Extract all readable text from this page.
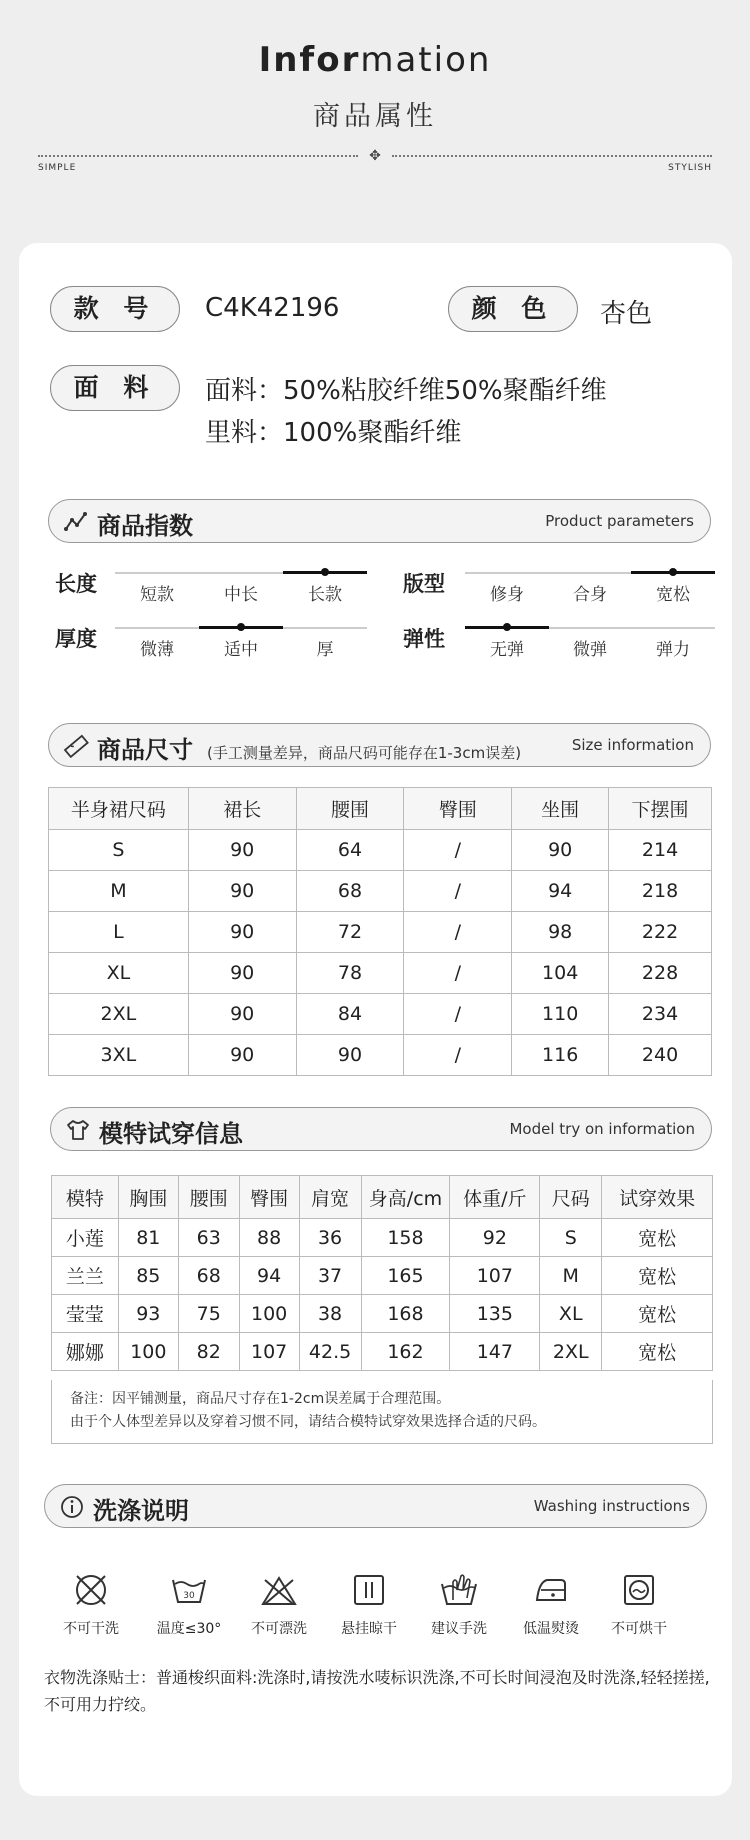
Information
商品属性
✥
SIMPLE	STYLISH
款 号	C4K42196	颜 色	杏色
面 料	面料：50%粘胶纤维50%聚酯纤维
里料：100%聚酯纤维
商品指数	Product parameters
长度	短款	中长	长款	版型	修身	合身	宽松
厚度	微薄	适中	厚	弹性	无弹	微弹	弹力
商品尺寸 (手工测量差异，商品尺码可能存在1-3cm误差)	Size information
半身裙尺码	裙长	腰围	臀围	坐围	下摆围
S	90	64	/	90	214
M	90	68	/	94	218
L	90	72	/	98	222
XL	90	78	/	104	228
2XL	90	84	/	110	234
3XL	90	90	/	116	240
模特试穿信息	Model try on information
模特	胸围	腰围	臀围	肩宽	身高/cm	体重/斤	尺码	试穿效果
小莲	81	63	88	36	158	92	S	宽松
兰兰	85	68	94	37	165	107	M	宽松
莹莹	93	75	100	38	168	135	XL	宽松
娜娜	100	82	107	42.5	162	147	2XL	宽松
备注：因平铺测量，商品尺寸存在1-2cm误差属于合理范围。
由于个人体型差异以及穿着习惯不同，请结合模特试穿效果选择合适的尺码。
洗涤说明	Washing instructions
不可干洗
30
温度≤30°	不可漂洗	悬挂晾干	建议手洗	低温熨烫	不可烘干
衣物洗涤贴士：普通梭织面料:洗涤时,请按洗水唛标识洗涤,不可长时间浸泡及时洗涤,轻轻搓搓,不可用力拧绞。
